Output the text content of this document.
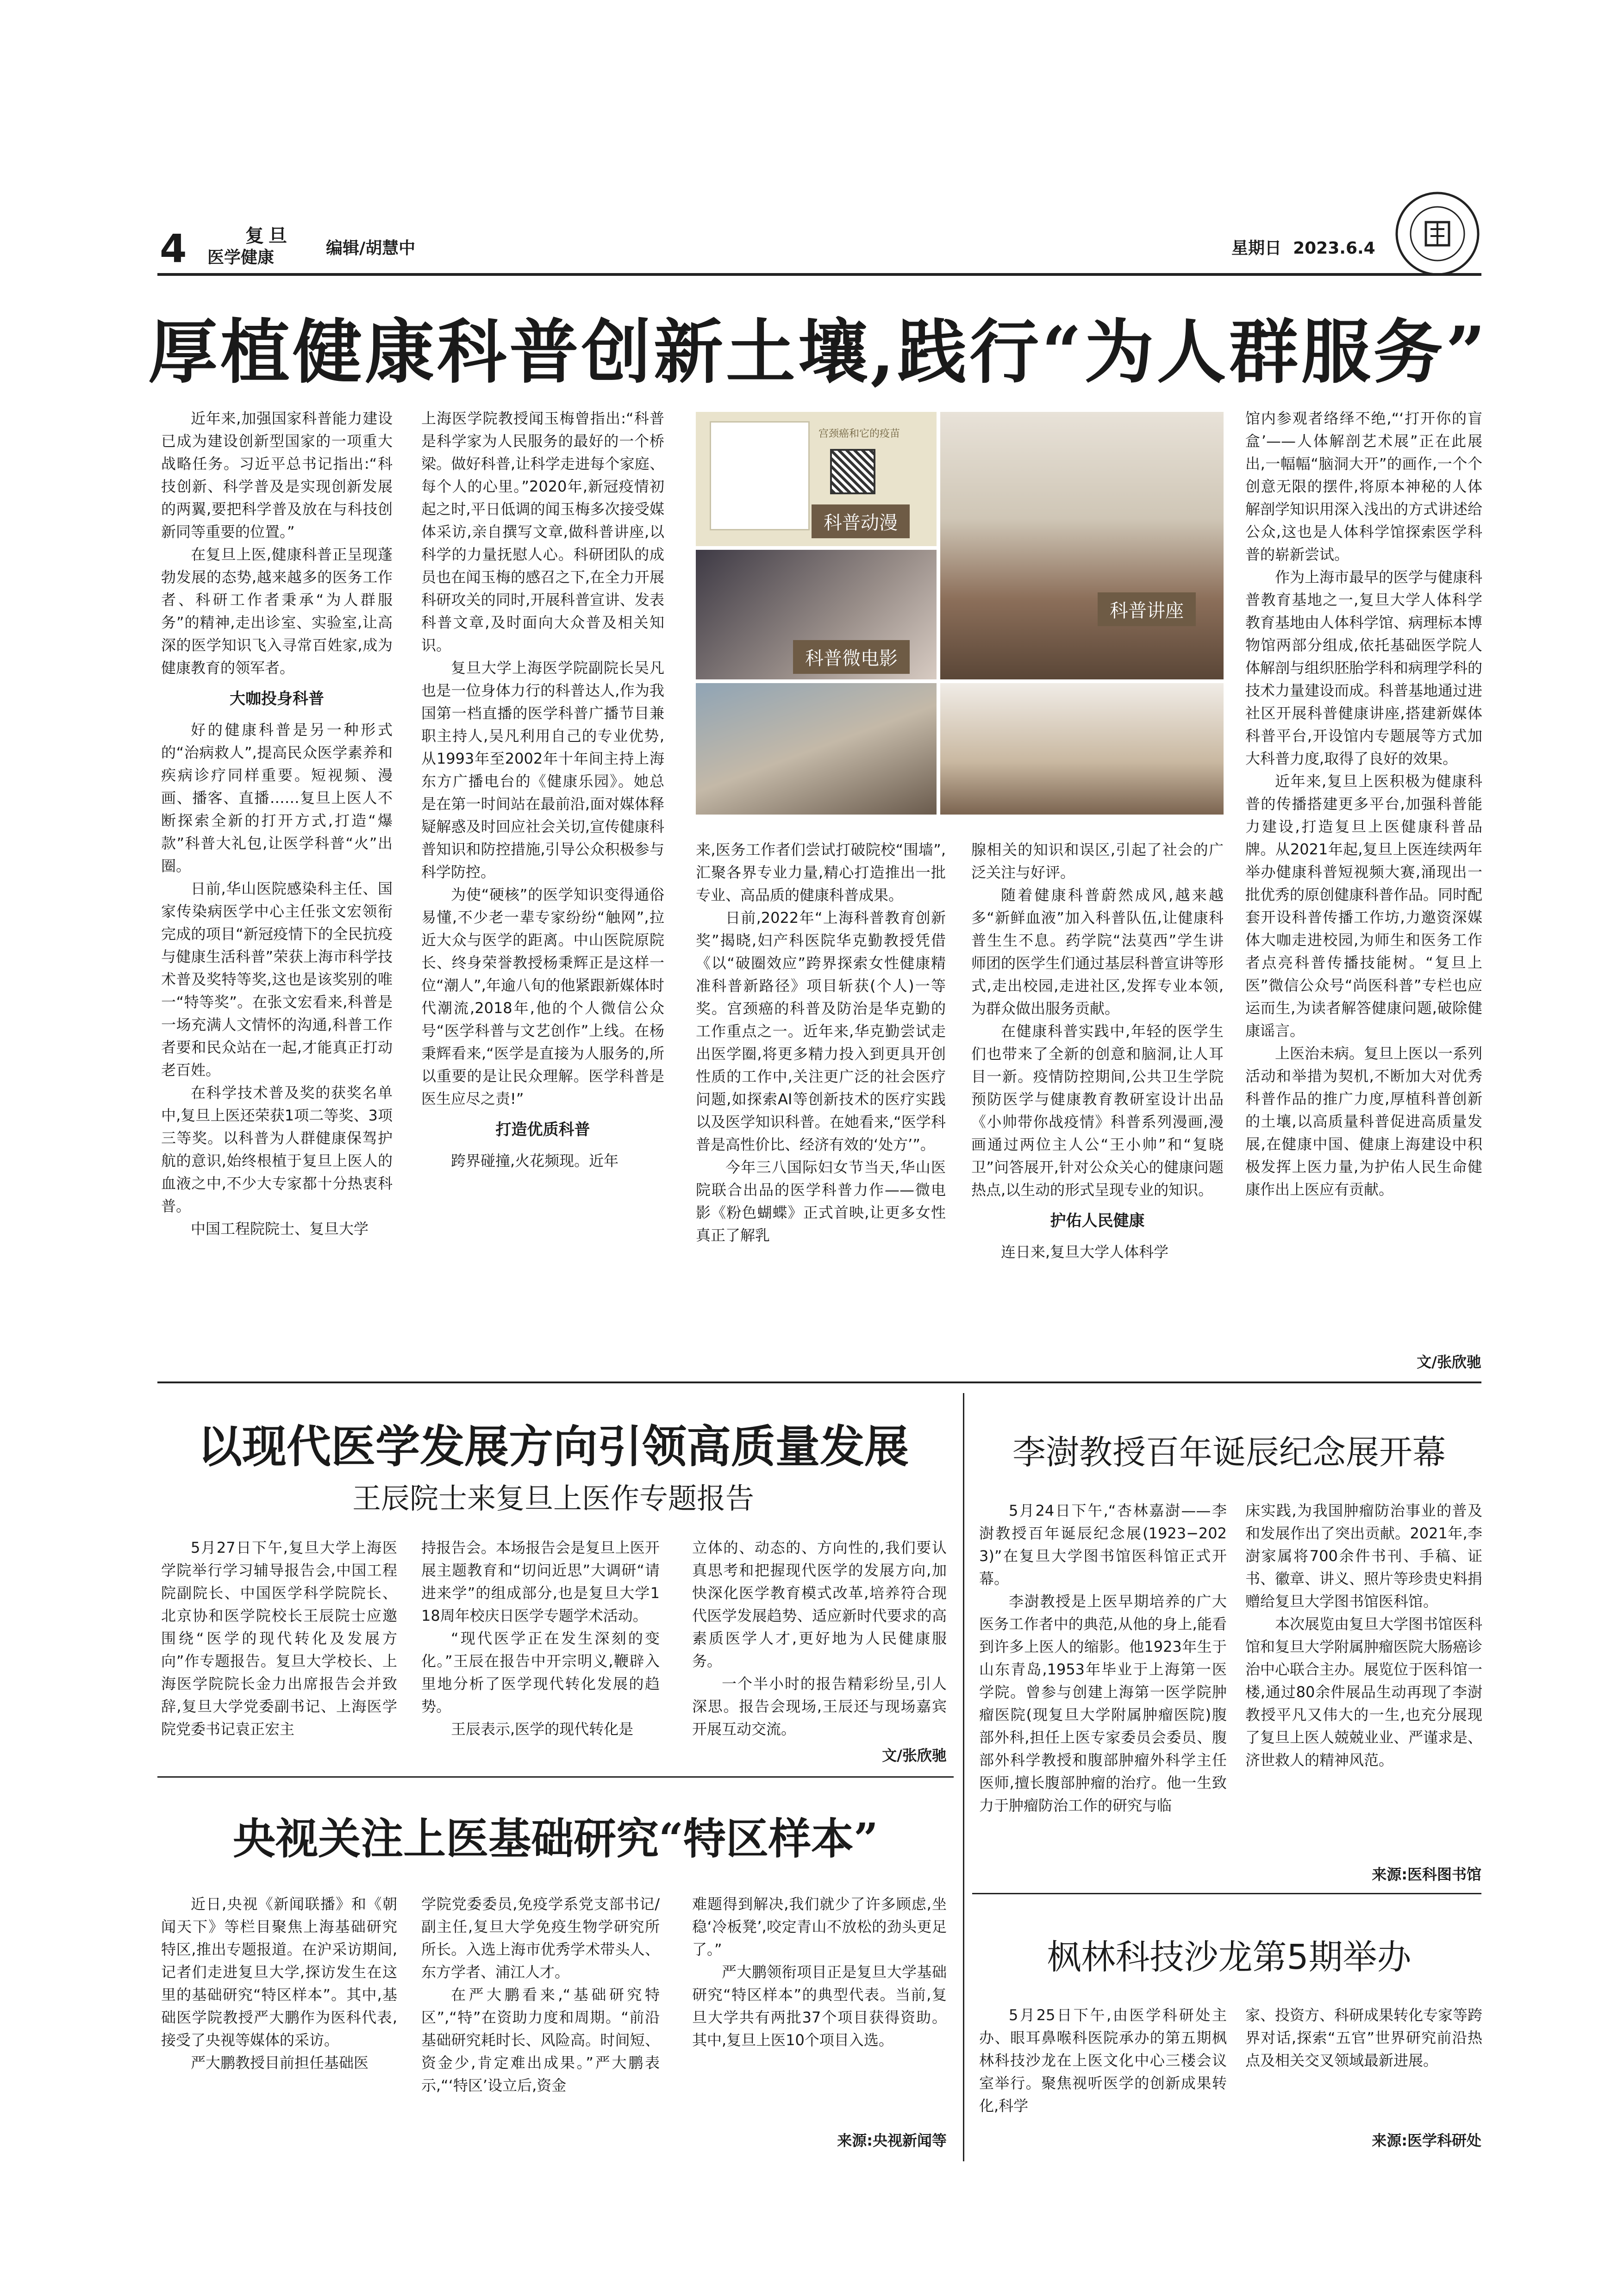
4	复旦
医学健康	编辑/胡慧中	星期日  2023.6.4
厚植健康科普创新土壤,践行“为人群服务”

近年来,加强国家科普能力建设已成为建设创新型国家的一项重大战略任务。习近平总书记指出:“科技创新、科学普及是实现创新发展的两翼,要把科学普及放在与科技创新同等重要的位置。”

在复旦上医,健康科普正呈现蓬勃发展的态势,越来越多的医务工作者、科研工作者秉承“为人群服务”的精神,走出诊室、实验室,让高深的医学知识飞入寻常百姓家,成为健康教育的领军者。

大咖投身科普

好的健康科普是另一种形式的“治病救人”,提高民众医学素养和疾病诊疗同样重要。短视频、漫画、播客、直播……复旦上医人不断探索全新的打开方式,打造“爆款”科普大礼包,让医学科普“火”出圈。

日前,华山医院感染科主任、国家传染病医学中心主任张文宏领衔完成的项目“新冠疫情下的全民抗疫与健康生活科普”荣获上海市科学技术普及奖特等奖,这也是该奖别的唯一“特等奖”。在张文宏看来,科普是一场充满人文情怀的沟通,科普工作者要和民众站在一起,才能真正打动老百姓。

在科学技术普及奖的获奖名单中,复旦上医还荣获1项二等奖、3项三等奖。以科普为人群健康保驾护航的意识,始终根植于复旦上医人的血液之中,不少大专家都十分热衷科普。

中国工程院院士、复旦大学

上海医学院教授闻玉梅曾指出:“科普是科学家为人民服务的最好的一个桥梁。做好科普,让科学走进每个家庭、每个人的心里。”2020年,新冠疫情初起之时,平日低调的闻玉梅多次接受媒体采访,亲自撰写文章,做科普讲座,以科学的力量抚慰人心。科研团队的成员也在闻玉梅的感召之下,在全力开展科研攻关的同时,开展科普宣讲、发表科普文章,及时面向大众普及相关知识。

复旦大学上海医学院副院长吴凡也是一位身体力行的科普达人,作为我国第一档直播的医学科普广播节目兼职主持人,吴凡利用自己的专业优势,从1993年至2002年十年间主持上海东方广播电台的《健康乐园》。她总是在第一时间站在最前沿,面对媒体释疑解惑及时回应社会关切,宣传健康科普知识和防控措施,引导公众积极参与科学防控。

为使“硬核”的医学知识变得通俗易懂,不少老一辈专家纷纷“触网”,拉近大众与医学的距离。中山医院原院长、终身荣誉教授杨秉辉正是这样一位“潮人”,年逾八旬的他紧跟新媒体时代潮流,2018年,他的个人微信公众号“医学科普与文艺创作”上线。在杨秉辉看来,“医学是直接为人服务的,所以重要的是让民众理解。医学科普是医生应尽之责!”

打造优质科普

跨界碰撞,火花频现。近年

宫颈癌和它的疫苗
科普动漫
科普微电影
科普讲座

来,医务工作者们尝试打破院校“围墙”,汇聚各界专业力量,精心打造推出一批专业、高品质的健康科普成果。

日前,2022年“上海科普教育创新奖”揭晓,妇产科医院华克勤教授凭借《以“破圈效应”跨界探索女性健康精准科普新路径》项目斩获(个人)一等奖。宫颈癌的科普及防治是华克勤的工作重点之一。近年来,华克勤尝试走出医学圈,将更多精力投入到更具开创性质的工作中,关注更广泛的社会医疗问题,如探索AI等创新技术的医疗实践以及医学知识科普。在她看来,“医学科普是高性价比、经济有效的‘处方’”。

今年三八国际妇女节当天,华山医院联合出品的医学科普力作——微电影《粉色蝴蝶》正式首映,让更多女性真正了解乳

腺相关的知识和误区,引起了社会的广泛关注与好评。

随着健康科普蔚然成风,越来越多“新鲜血液”加入科普队伍,让健康科普生生不息。药学院“法莫西”学生讲师团的医学生们通过基层科普宣讲等形式,走出校园,走进社区,发挥专业本领,为群众做出服务贡献。

在健康科普实践中,年轻的医学生们也带来了全新的创意和脑洞,让人耳目一新。疫情防控期间,公共卫生学院预防医学与健康教育教研室设计出品《小帅带你战疫情》科普系列漫画,漫画通过两位主人公“王小帅”和“复晓卫”问答展开,针对公众关心的健康问题热点,以生动的形式呈现专业的知识。

护佑人民健康

连日来,复旦大学人体科学

馆内参观者络绎不绝,“‘打开你的盲盒’——人体解剖艺术展”正在此展出,一幅幅“脑洞大开”的画作,一个个创意无限的摆件,将原本神秘的人体解剖学知识用深入浅出的方式讲述给公众,这也是人体科学馆探索医学科普的崭新尝试。

作为上海市最早的医学与健康科普教育基地之一,复旦大学人体科学教育基地由人体科学馆、病理标本博物馆两部分组成,依托基础医学院人体解剖与组织胚胎学科和病理学科的技术力量建设而成。科普基地通过进社区开展科普健康讲座,搭建新媒体科普平台,开设馆内专题展等方式加大科普力度,取得了良好的效果。

近年来,复旦上医积极为健康科普的传播搭建更多平台,加强科普能力建设,打造复旦上医健康科普品牌。从2021年起,复旦上医连续两年举办健康科普短视频大赛,涌现出一批优秀的原创健康科普作品。同时配套开设科普传播工作坊,力邀资深媒体大咖走进校园,为师生和医务工作者点亮科普传播技能树。“复旦上医”微信公众号“尚医科普”专栏也应运而生,为读者解答健康问题,破除健康谣言。

上医治未病。复旦上医以一系列活动和举措为契机,不断加大对优秀科普作品的推广力度,厚植科普创新的土壤,以高质量科普促进高质量发展,在健康中国、健康上海建设中积极发挥上医力量,为护佑人民生命健康作出上医应有贡献。

文/张欣驰
以现代医学发展方向引领高质量发展
王辰院士来复旦上医作专题报告

5月27日下午,复旦大学上海医学院举行学习辅导报告会,中国工程院副院长、中国医学科学院院长、北京协和医学院校长王辰院士应邀围绕“医学的现代转化及发展方向”作专题报告。复旦大学校长、上海医学院院长金力出席报告会并致辞,复旦大学党委副书记、上海医学院党委书记袁正宏主

持报告会。本场报告会是复旦上医开展主题教育和“切问近思”大调研“请进来学”的组成部分,也是复旦大学118周年校庆日医学专题学术活动。

“现代医学正在发生深刻的变化。”王辰在报告中开宗明义,鞭辟入里地分析了医学现代转化发展的趋势。

王辰表示,医学的现代转化是

立体的、动态的、方向性的,我们要认真思考和把握现代医学的发展方向,加快深化医学教育模式改革,培养符合现代医学发展趋势、适应新时代要求的高素质医学人才,更好地为人民健康服务。

一个半小时的报告精彩纷呈,引人深思。报告会现场,王辰还与现场嘉宾开展互动交流。

文/张欣驰
李澍教授百年诞辰纪念展开幕

5月24日下午,“杏林嘉澍——李澍教授百年诞辰纪念展(1923−2023)”在复旦大学图书馆医科馆正式开幕。

李澍教授是上医早期培养的广大医务工作者中的典范,从他的身上,能看到许多上医人的缩影。他1923年生于山东青岛,1953年毕业于上海第一医学院。曾参与创建上海第一医学院肿瘤医院(现复旦大学附属肿瘤医院)腹部外科,担任上医专家委员会委员、腹部外科学教授和腹部肿瘤外科学主任医师,擅长腹部肿瘤的治疗。他一生致力于肿瘤防治工作的研究与临

床实践,为我国肿瘤防治事业的普及和发展作出了突出贡献。2021年,李澍家属将700余件书刊、手稿、证书、徽章、讲义、照片等珍贵史料捐赠给复旦大学图书馆医科馆。

本次展览由复旦大学图书馆医科馆和复旦大学附属肿瘤医院大肠癌诊治中心联合主办。展览位于医科馆一楼,通过80余件展品生动再现了李澍教授平凡又伟大的一生,也充分展现了复旦上医人兢兢业业、严谨求是、济世救人的精神风范。

来源:医科图书馆
央视关注上医基础研究“特区样本”

近日,央视《新闻联播》和《朝闻天下》等栏目聚焦上海基础研究特区,推出专题报道。在沪采访期间,记者们走进复旦大学,探访发生在这里的基础研究“特区样本”。其中,基础医学院教授严大鹏作为医科代表,接受了央视等媒体的采访。

严大鹏教授目前担任基础医

学院党委委员,免疫学系党支部书记/副主任,复旦大学免疫生物学研究所所长。入选上海市优秀学术带头人、东方学者、浦江人才。

在严大鹏看来,“基础研究特区”,“特”在资助力度和周期。“前沿基础研究耗时长、风险高。时间短、资金少,肯定难出成果。”严大鹏表示,“‘特区’设立后,资金

难题得到解决,我们就少了许多顾虑,坐稳‘冷板凳’,咬定青山不放松的劲头更足了。”

严大鹏领衔项目正是复旦大学基础研究“特区样本”的典型代表。当前,复旦大学共有两批37个项目获得资助。其中,复旦上医10个项目入选。

来源:央视新闻等
枫林科技沙龙第5期举办

5月25日下午,由医学科研处主办、眼耳鼻喉科医院承办的第五期枫林科技沙龙在上医文化中心三楼会议室举行。聚焦视听医学的创新成果转化,科学

家、投资方、科研成果转化专家等跨界对话,探索“五官”世界研究前沿热点及相关交叉领域最新进展。

来源:医学科研处
